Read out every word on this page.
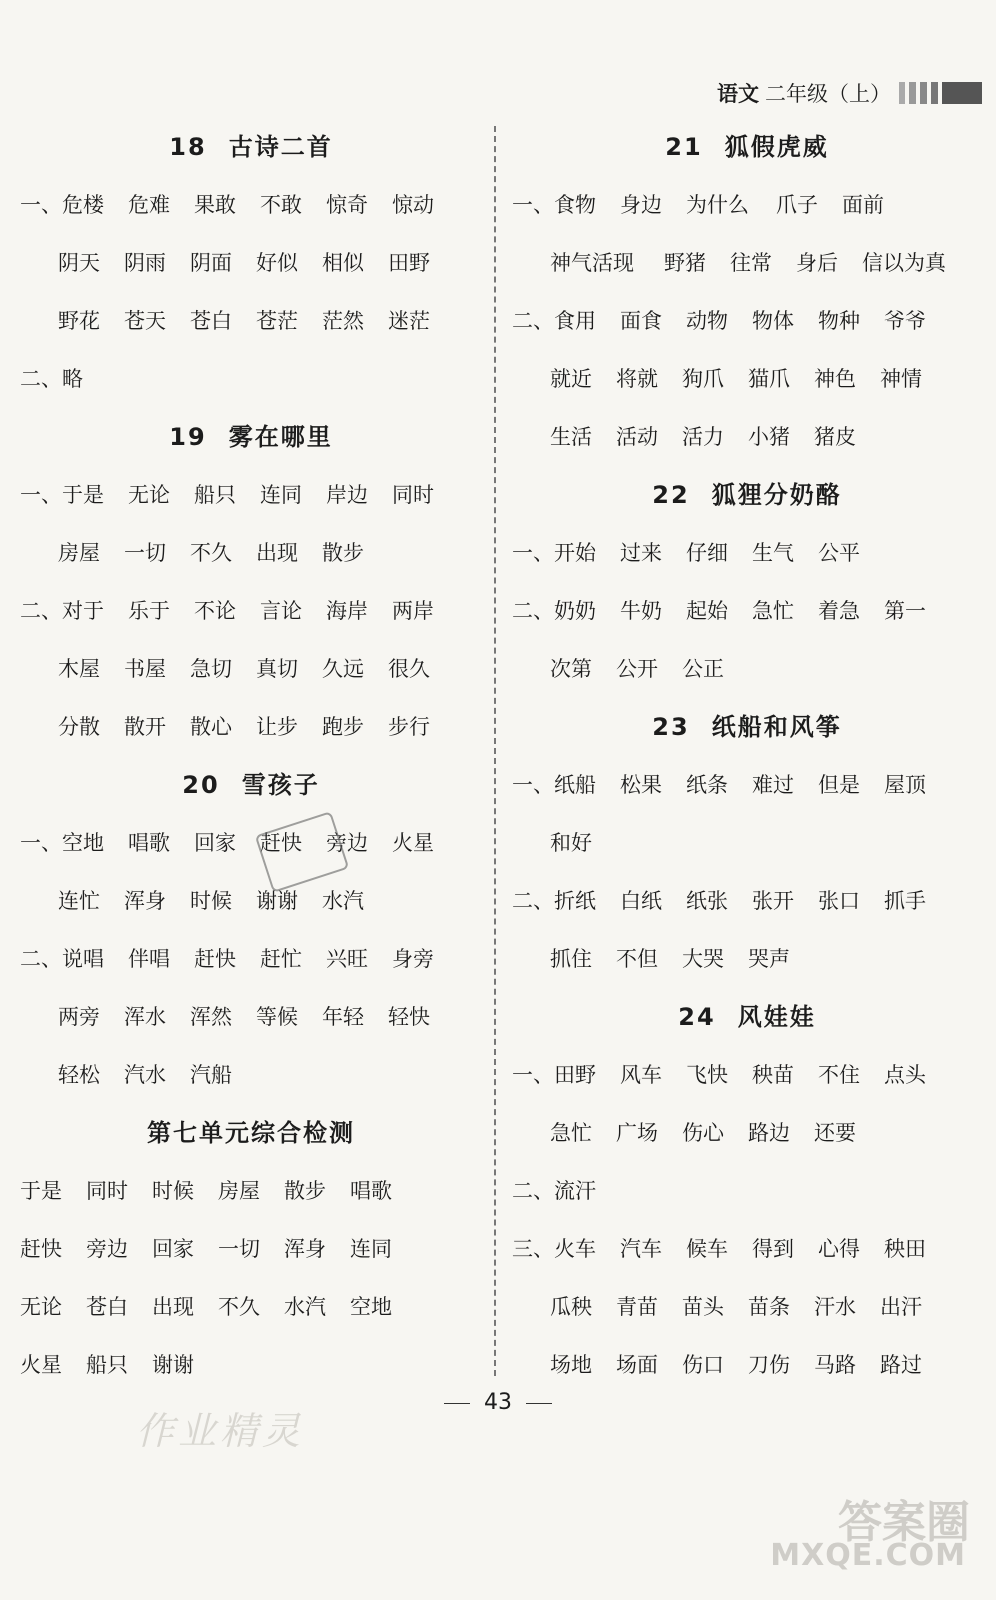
语文 二年级（上）
18 古诗二首
一、危楼 危难 果敢 不敢 惊奇 惊动
阴天 阴雨 阴面 好似 相似 田野
野花 苍天 苍白 苍茫 茫然 迷茫
二、略
19 雾在哪里
一、于是 无论 船只 连同 岸边 同时
房屋 一切 不久 出现 散步
二、对于 乐于 不论 言论 海岸 两岸
木屋 书屋 急切 真切 久远 很久
分散 散开 散心 让步 跑步 步行
20 雪孩子
一、空地 唱歌 回家 赶快 旁边 火星
连忙 浑身 时候 谢谢 水汽
二、说唱 伴唱 赶快 赶忙 兴旺 身旁
两旁 浑水 浑然 等候 年轻 轻快
轻松 汽水 汽船
第七单元综合检测
于是 同时 时候 房屋 散步 唱歌
赶快 旁边 回家 一切 浑身 连同
无论 苍白 出现 不久 水汽 空地
火星 船只 谢谢
21 狐假虎威
一、食物 身边 为什么 爪子 面前
神气活现 野猪 往常 身后 信以为真
二、食用 面食 动物 物体 物种 爷爷
就近 将就 狗爪 猫爪 神色 神情
生活 活动 活力 小猪 猪皮
22 狐狸分奶酪
一、开始 过来 仔细 生气 公平
二、奶奶 牛奶 起始 急忙 着急 第一
次第 公开 公正
23 纸船和风筝
一、纸船 松果 纸条 难过 但是 屋顶
和好
二、折纸 白纸 纸张 张开 张口 抓手
抓住 不但 大哭 哭声
24 风娃娃
一、田野 风车 飞快 秧苗 不住 点头
急忙 广场 伤心 路边 还要
二、流汗
三、火车 汽车 候车 得到 心得 秧田
瓜秧 青苗 苗头 苗条 汗水 出汗
场地 场面 伤口 刀伤 马路 路过
43
作业精灵
答案圈
MXQE.COM
